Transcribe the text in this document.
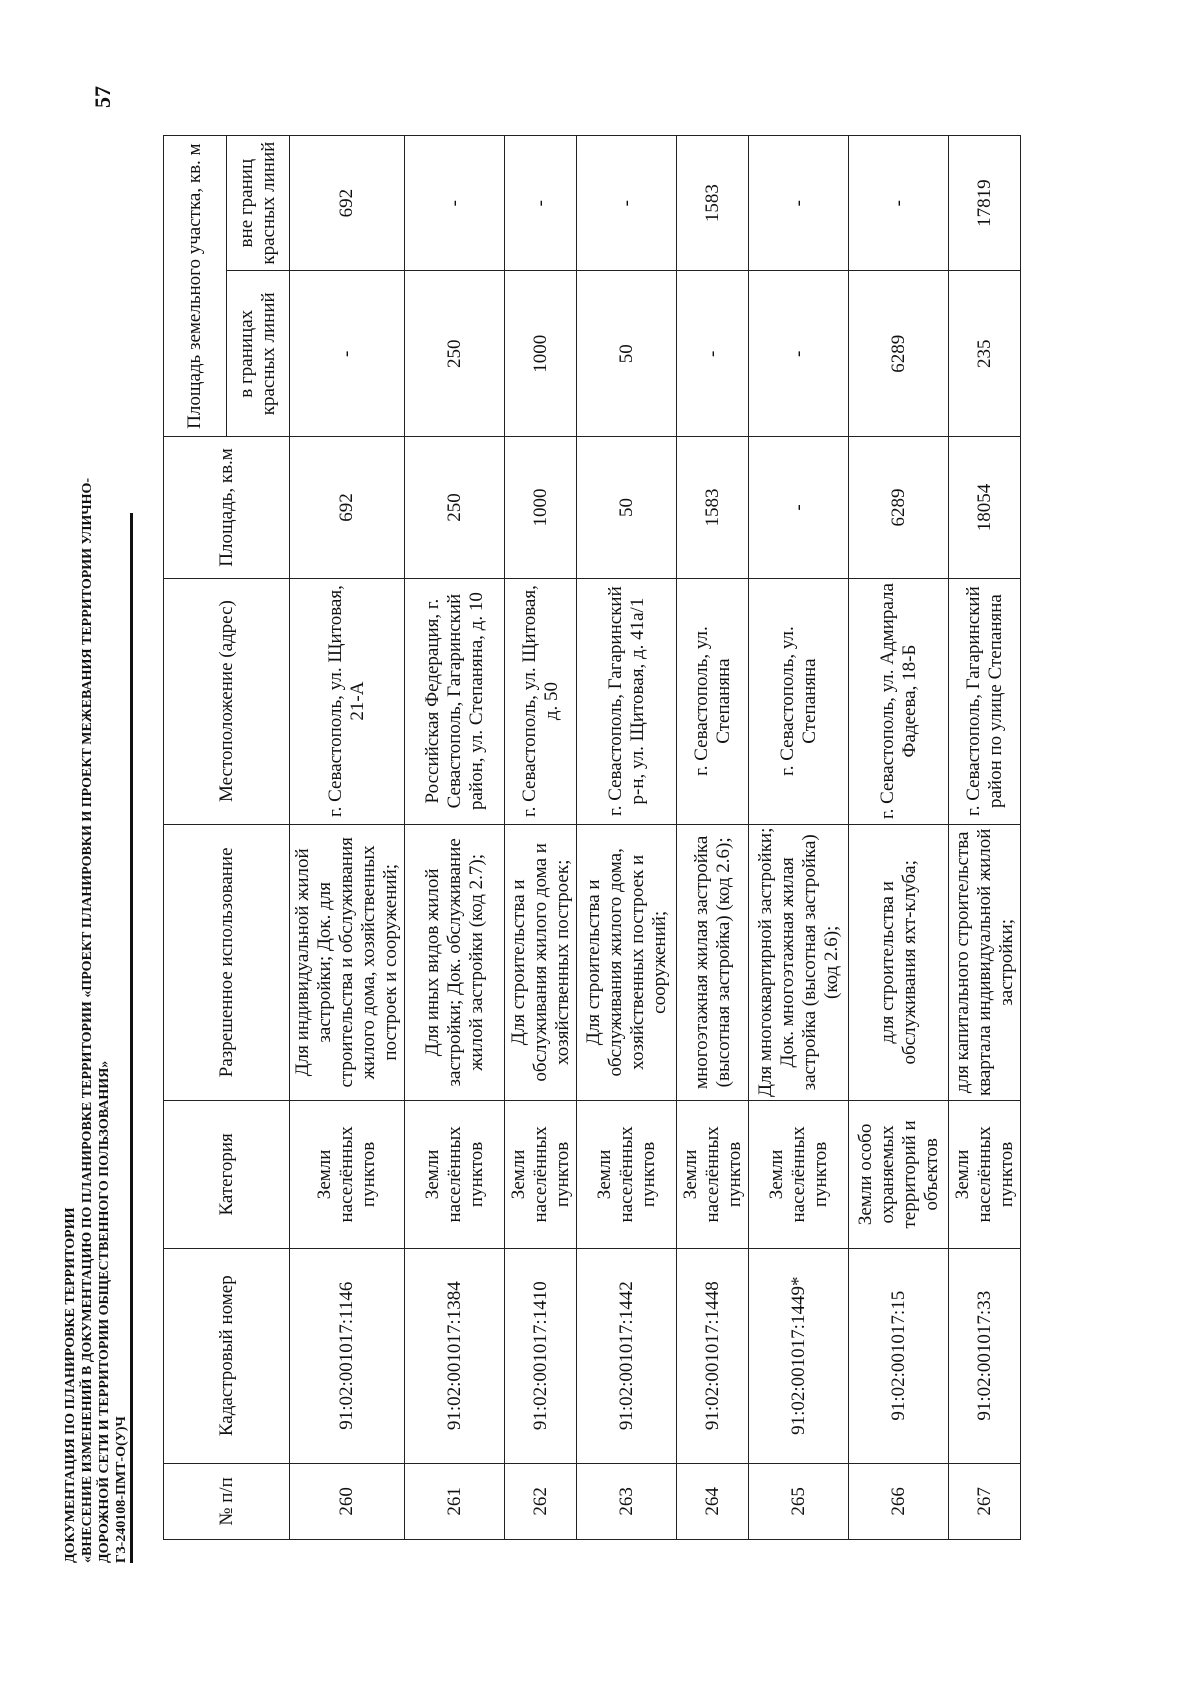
57
ДОКУМЕНТАЦИЯ ПО ПЛАНИРОВКЕ ТЕРРИТОРИИ «ВНЕСЕНИЕ ИЗМЕНЕНИЙ В ДОКУМЕНТАЦИЮ ПО ПЛАНИРОВКЕ ТЕРРИТОРИИ «ПРОЕКТ ПЛАНИРОВКИ И ПРОЕКТ МЕЖЕВАНИЯ ТЕРРИТОРИИ УЛИЧНО- ДОРОЖНОЙ СЕТИ И ТЕРРИТОРИИ ОБЩЕСТВЕННОГО ПОЛЬЗОВАНИЯ» ГЗ-240108-ПМТ-О(У)Ч	№ п/п	Кадастровый номер	Категория	Разрешенное использование	Местоположение (адрес)	Площадь, кв.м	Площадь земельного участка, кв. м	
						в границах красных линий	вне границ красных линий
260	91:02:001017:1146	Земли населённых пунктов	Для индивидуальной жилой застройки; Док. для строительства и обслуживания жилого дома, хозяйственных построек и сооружений;	г. Севастополь, ул. Щитовая, 21-А	692	-	692
261	91:02:001017:1384	Земли населённых пунктов	Для иных видов жилой застройки; Док. обслуживание жилой застройки (код 2.7);	Российская Федерация, г. Севастополь, Гагаринский район, ул. Степаняна, д. 10	250	250	-
262	91:02:001017:1410	Земли населённых пунктов	Для строительства и обслуживания жилого дома и хозяйственных построек;	г. Севастополь, ул. Щитовая, д. 50	1000	1000	-
263	91:02:001017:1442	Земли населённых пунктов	Для строительства и обслуживания жилого дома, хозяйственных построек и сооружений;	г. Севастополь, Гагаринский р-н, ул. Щитовая, д. 41а/1	50	50	-
264	91:02:001017:1448	Земли населённых пунктов	многоэтажная жилая застройка (высотная застройка) (код 2.6);	г. Севастополь, ул. Степаняна	1583	-	1583
265	91:02:001017:1449*	Земли населённых пунктов	Для многоквартирной застройки; Док. многоэтажная жилая застройка (высотная застройка) (код 2.6);	г. Севастополь, ул. Степаняна	-	-	-
266	91:02:001017:15	Земли особо охраняемых территорий и объектов	для строительства и обслуживания яхт-клуба;	г. Севастополь, ул. Адмирала Фадеева, 18-Б	6289	6289	-
267	91:02:001017:33	Земли населённых пунктов	для капитального строительства квартала индивидуальной жилой застройки;	г. Севастополь, Гагаринский район по улице Степаняна	18054	235	17819
